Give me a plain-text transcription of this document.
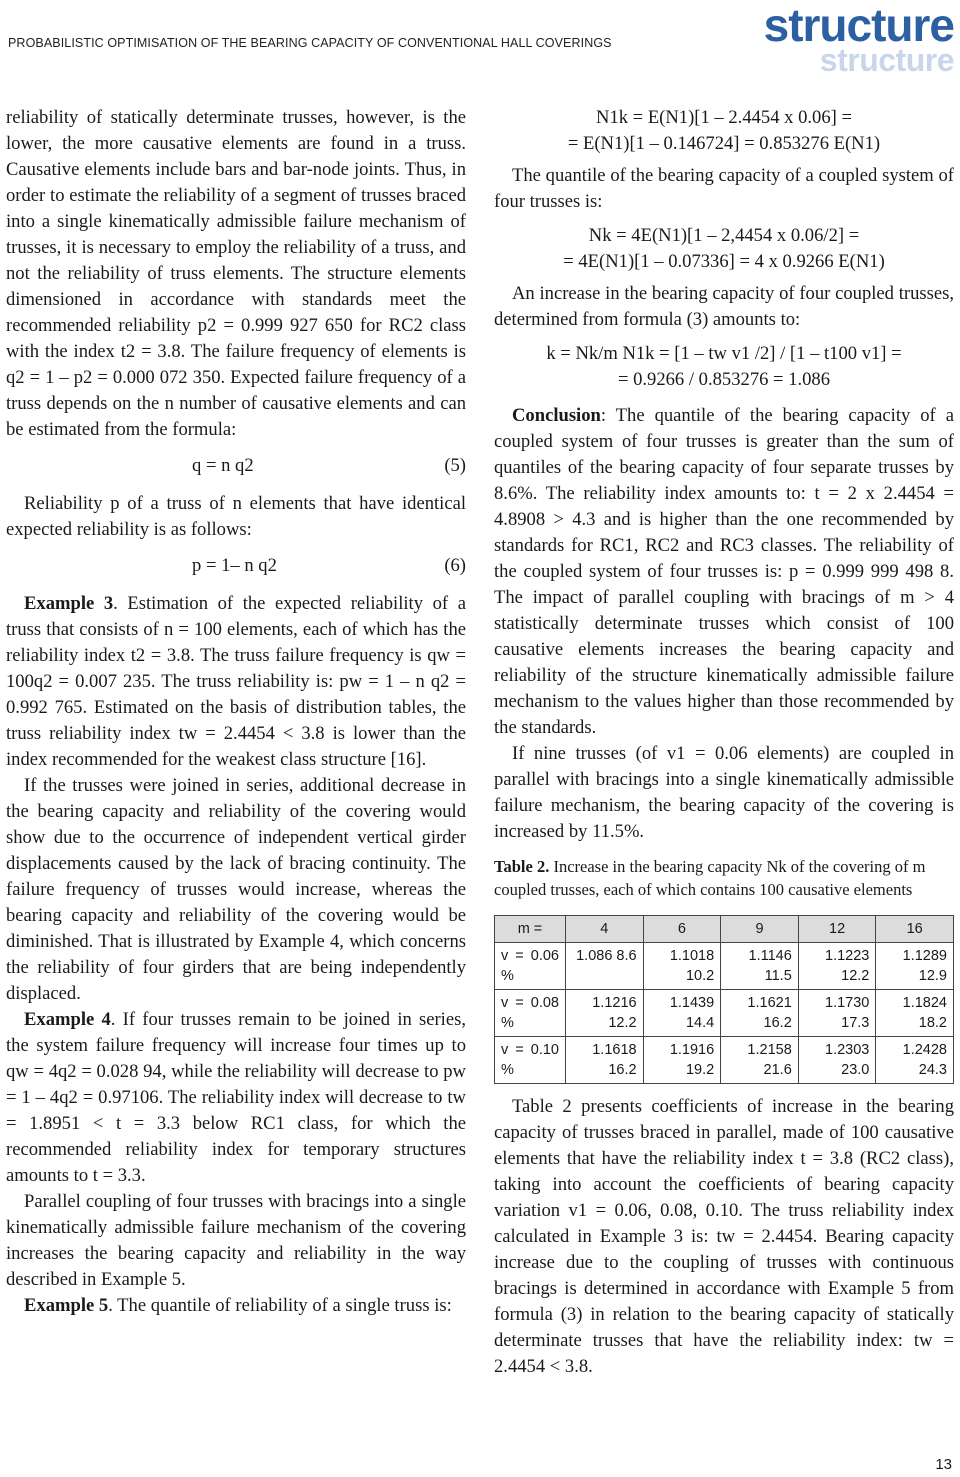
PROBABILISTIC OPTIMISATION OF THE BEARING CAPACITY OF CONVENTIONAL HALL COVERINGS	structure
structure

reliability of statically determinate trusses, however, is the lower, the more causative elements are found in a truss. Causative elements include bars and bar-node joints. Thus, in order to estimate the reliability of a segment of trusses braced into a single kinematically admissible failure mechanism of trusses, it is necessary to employ the reliability of a truss, and not the reliability of truss elements. The structure elements dimensioned in accordance with standards meet the recommended reliability p2 = 0.999 927 650 for RC2 class with the index t2 = 3.8. The failure frequency of elements is q2 = 1 – p2 = 0.000 072 350. Expected failure frequency of a truss depends on the n number of causative elements and can be estimated from the formula:

q = n q2	(5)

Reliability p of a truss of n elements that have identical expected reliability is as follows:

p = 1– n q2	(6)

Example 3. Estimation of the expected reliability of a truss that consists of n = 100 elements, each of which has the reliability index t2 = 3.8. The truss failure frequency is qw = 100q2 = 0.007 235. The truss reliability is: pw = 1 – n q2 = 0.992 765. Estimated on the basis of distribution tables, the truss reliability index tw = 2.4454 < 3.8 is lower than the index recommended for the weakest class structure [16].

If the trusses were joined in series, additional decrease in the bearing capacity and reliability of the covering would show due to the occurrence of independent vertical girder displacements caused by the lack of bracing continuity. The failure frequency of trusses would increase, whereas the bearing capacity and reliability of the covering would be diminished. That is illustrated by Example 4, which concerns the reliability of four girders that are being independently displaced.

Example 4. If four trusses remain to be joined in series, the system failure frequency will increase four times up to qw = 4q2 = 0.028 94, while the reliability will decrease to pw = 1 – 4q2 = 0.97106. The reliability index will decrease to tw = 1.8951 < t = 3.3 below RC1 class, for which the recommended reliability index for temporary structures amounts to t = 3.3.

Parallel coupling of four trusses with bracings into a single kinematically admissible failure mechanism of the covering increases the bearing capacity and reliability in the way described in Example 5.

Example 5. The quantile of reliability of a single truss is:

N1k = E(N1)[1 – 2.4454 x 0.06] =

= E(N1)[1 – 0.146724] = 0.853276 E(N1)

The quantile of the bearing capacity of a coupled system of four trusses is:

Nk = 4E(N1)[1 – 2,4454 x 0.06/2] =

= 4E(N1)[1 – 0.07336] = 4 x 0.9266 E(N1)

An increase in the bearing capacity of four coupled trusses, determined from formula (3) amounts to:

k = Nk/m N1k = [1 – tw v1 /2] / [1 – t100 v1] =

= 0.9266 / 0.853276 = 1.086

Conclusion: The quantile of the bearing capacity of a coupled system of four trusses is greater than the sum of quantiles of the bearing capacity of four separate trusses by 8.6%. The reliability index amounts to: t = 2 x 2.4454 = 4.8908 > 4.3 and is higher than the one recommended by standards for RC1, RC2 and RC3 classes. The reliability of the coupled system of four trusses is: p = 0.999 999 498 8. The impact of parallel coupling with bracings of m > 4 statistically determinate trusses which consist of 100 causative elements increases the bearing capacity and reliability of the structure kinematically admissible failure mechanism to the values higher than those recommended by the standards.

If nine trusses (of v1 = 0.06 elements) are coupled in parallel with bracings into a single kinematically admissible failure mechanism, the bearing capacity of the covering is increased by 11.5%.

Table 2. Increase in the bearing capacity Nk of the covering of m coupled trusses, each of which contains 100 causative elements

m =	4	6	9	12	16
v = 0.06 %	1.086 8.6	1.1018 10.2	1.1146 11.5	1.1223 12.2	1.1289 12.9
v = 0.08 %	1.1216 12.2	1.1439 14.4	1.1621 16.2	1.1730 17.3	1.1824 18.2
v = 0.10 %	1.1618 16.2	1.1916 19.2	1.2158 21.6	1.2303 23.0	1.2428 24.3

Table 2 presents coefficients of increase in the bearing capacity of trusses braced in parallel, made of 100 causative elements that have the reliability index t = 3.8 (RC2 class), taking into account the coefficients of bearing capacity variation v1 = 0.06, 0.08, 0.10. The truss reliability index calculated in Example 3 is: tw = 2.4454. Bearing capacity increase due to the coupling of trusses with continuous bracings is determined in accordance with Example 5 from formula (3) in relation to the bearing capacity of statically determinate trusses that have the reliability index: tw = 2.4454 < 3.8.

13
